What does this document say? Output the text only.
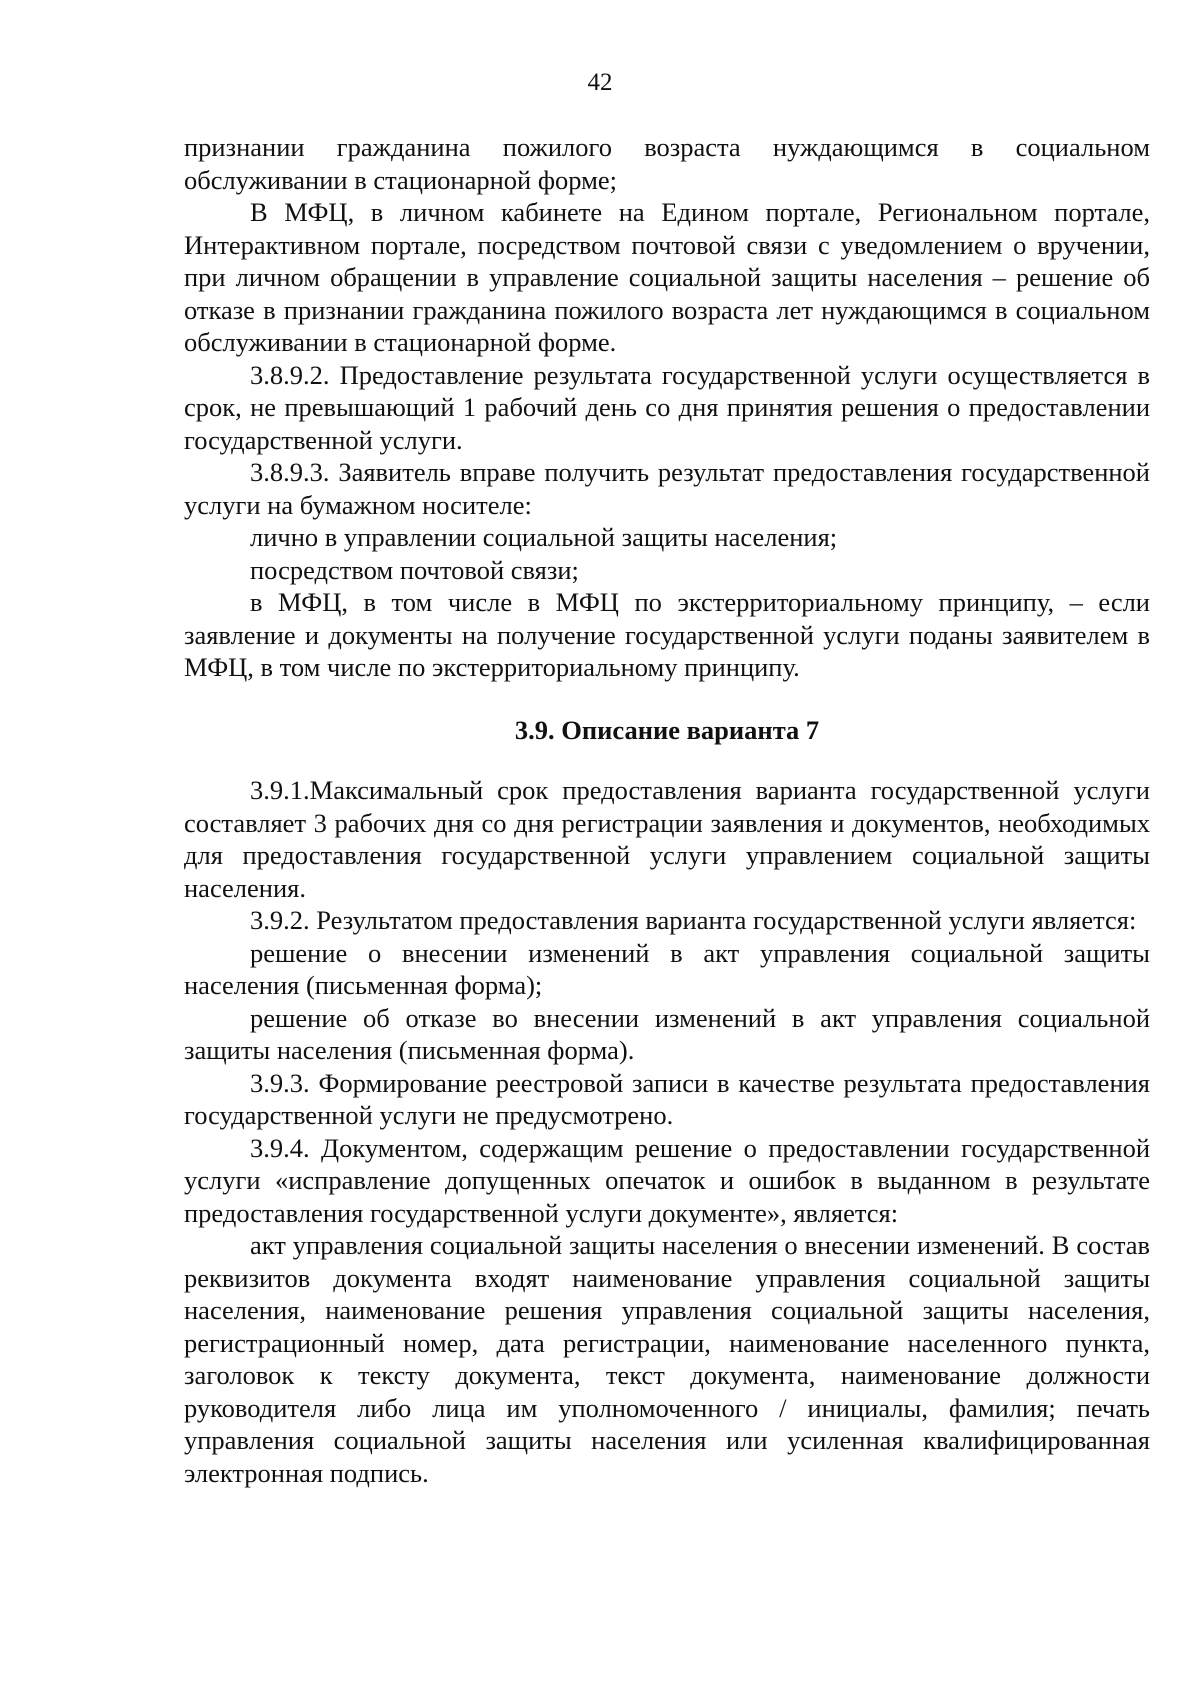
42

признании гражданина пожилого возраста нуждающимся в социальном обслуживании в стационарной форме;

В МФЦ, в личном кабинете на Едином портале, Региональном портале, Интерактивном портале, посредством почтовой связи с уведомлением о вручении, при личном обращении в управление социальной защиты населения – решение об отказе в признании гражданина пожилого возраста лет нуждающимся в социальном обслуживании в стационарной форме.

3.8.9.2. Предоставление результата государственной услуги осуществляется в срок, не превышающий 1 рабочий день со дня принятия решения о предоставлении государственной услуги.

3.8.9.3. Заявитель вправе получить результат предоставления государственной услуги на бумажном носителе:

лично в управлении социальной защиты населения;

посредством почтовой связи;

в МФЦ, в том числе в МФЦ по экстерриториальному принципу, – если заявление и документы на получение государственной услуги поданы заявителем в МФЦ, в том числе по экстерриториальному принципу.

3.9. Описание варианта 7

3.9.1.Максимальный срок предоставления варианта государственной услуги составляет 3 рабочих дня со дня регистрации заявления и документов, необходимых для предоставления государственной услуги управлением социальной защиты населения.

3.9.2. Результатом предоставления варианта государственной услуги является:

решение о внесении изменений в акт управления социальной защиты населения (письменная форма);

решение об отказе во внесении изменений в акт управления социальной защиты населения (письменная форма).

3.9.3. Формирование реестровой записи в качестве результата предоставления государственной услуги не предусмотрено.

3.9.4. Документом, содержащим решение о предоставлении государственной услуги «исправление допущенных опечаток и ошибок в выданном в результате предоставления государственной услуги документе», является:

акт управления социальной защиты населения о внесении изменений. В состав реквизитов документа входят наименование управления социальной защиты населения, наименование решения управления социальной защиты населения, регистрационный номер, дата регистрации, наименование населенного пункта, заголовок к тексту документа, текст документа, наименование должности руководителя либо лица им уполномоченного / инициалы, фамилия; печать управления социальной защиты населения или усиленная квалифицированная электронная подпись.
